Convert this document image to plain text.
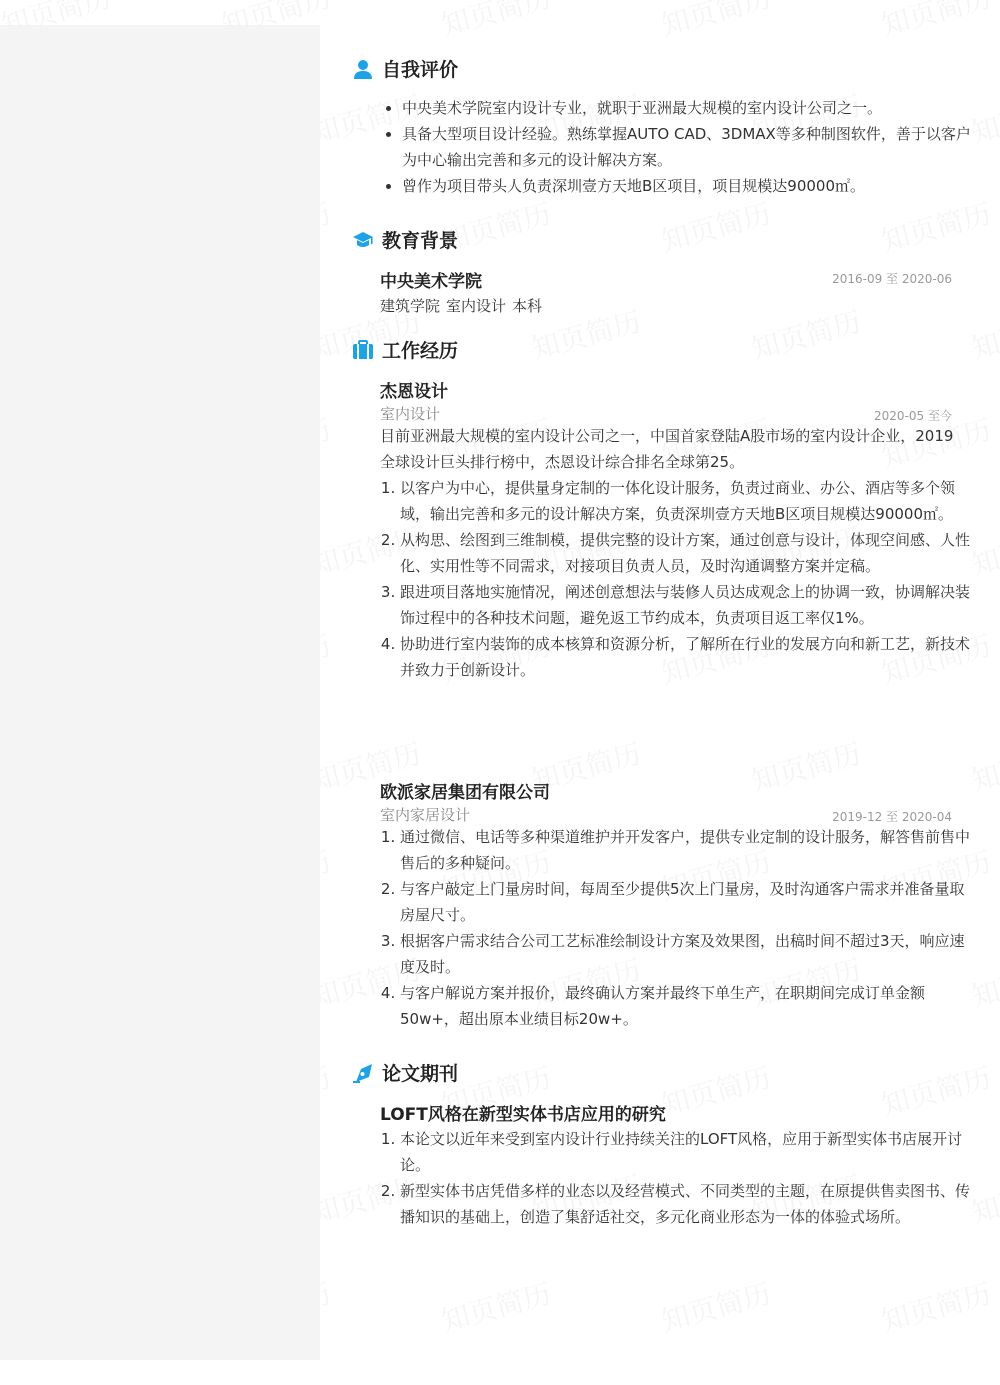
自我评价
• 中央美术学院室内设计专业，就职于亚洲最大规模的室内设计公司之一。
• 具备大型项目设计经验。熟练掌握AUTO CAD、3DMAX等多种制图软件，善于以客户为中心输出完善和多元的设计解决方案。
• 曾作为项目带头人负责深圳壹方天地B区项目，项目规模达90000㎡。
教育背景
中央美术学院	2016-09 至 2020-06
建筑学院 室内设计 本科
工作经历
杰恩设计
室内设计	2020-05 至今
目前亚洲最大规模的室内设计公司之一，中国首家登陆A股市场的室内设计企业，2019全球设计巨头排行榜中，杰恩设计综合排名全球第25。
1. 以客户为中心，提供量身定制的一体化设计服务，负责过商业、办公、酒店等多个领域，输出完善和多元的设计解决方案，负责深圳壹方天地B区项目规模达90000㎡。
2. 从构思、绘图到三维制模，提供完整的设计方案，通过创意与设计，体现空间感、人性化、实用性等不同需求，对接项目负责人员，及时沟通调整方案并定稿。
3. 跟进项目落地实施情况，阐述创意想法与装修人员达成观念上的协调一致，协调解决装饰过程中的各种技术问题，避免返工节约成本，负责项目返工率仅1%。
4. 协助进行室内装饰的成本核算和资源分析，了解所在行业的发展方向和新工艺，新技术并致力于创新设计。
欧派家居集团有限公司
室内家居设计	2019-12 至 2020-04
1. 通过微信、电话等多种渠道维护并开发客户，提供专业定制的设计服务，解答售前售中售后的多种疑问。
2. 与客户敲定上门量房时间，每周至少提供5次上门量房，及时沟通客户需求并准备量取房屋尺寸。
3. 根据客户需求结合公司工艺标准绘制设计方案及效果图，出稿时间不超过3天，响应速度及时。
4. 与客户解说方案并报价，最终确认方案并最终下单生产，在职期间完成订单金额50w+，超出原本业绩目标20w+。
论文期刊
LOFT风格在新型实体书店应用的研究
1. 本论文以近年来受到室内设计行业持续关注的LOFT风格，应用于新型实体书店展开讨论。
2. 新型实体书店凭借多样的业态以及经营模式、不同类型的主题，在原提供售卖图书、传播知识的基础上，创造了集舒适社交，多元化商业形态为一体的体验式场所。
